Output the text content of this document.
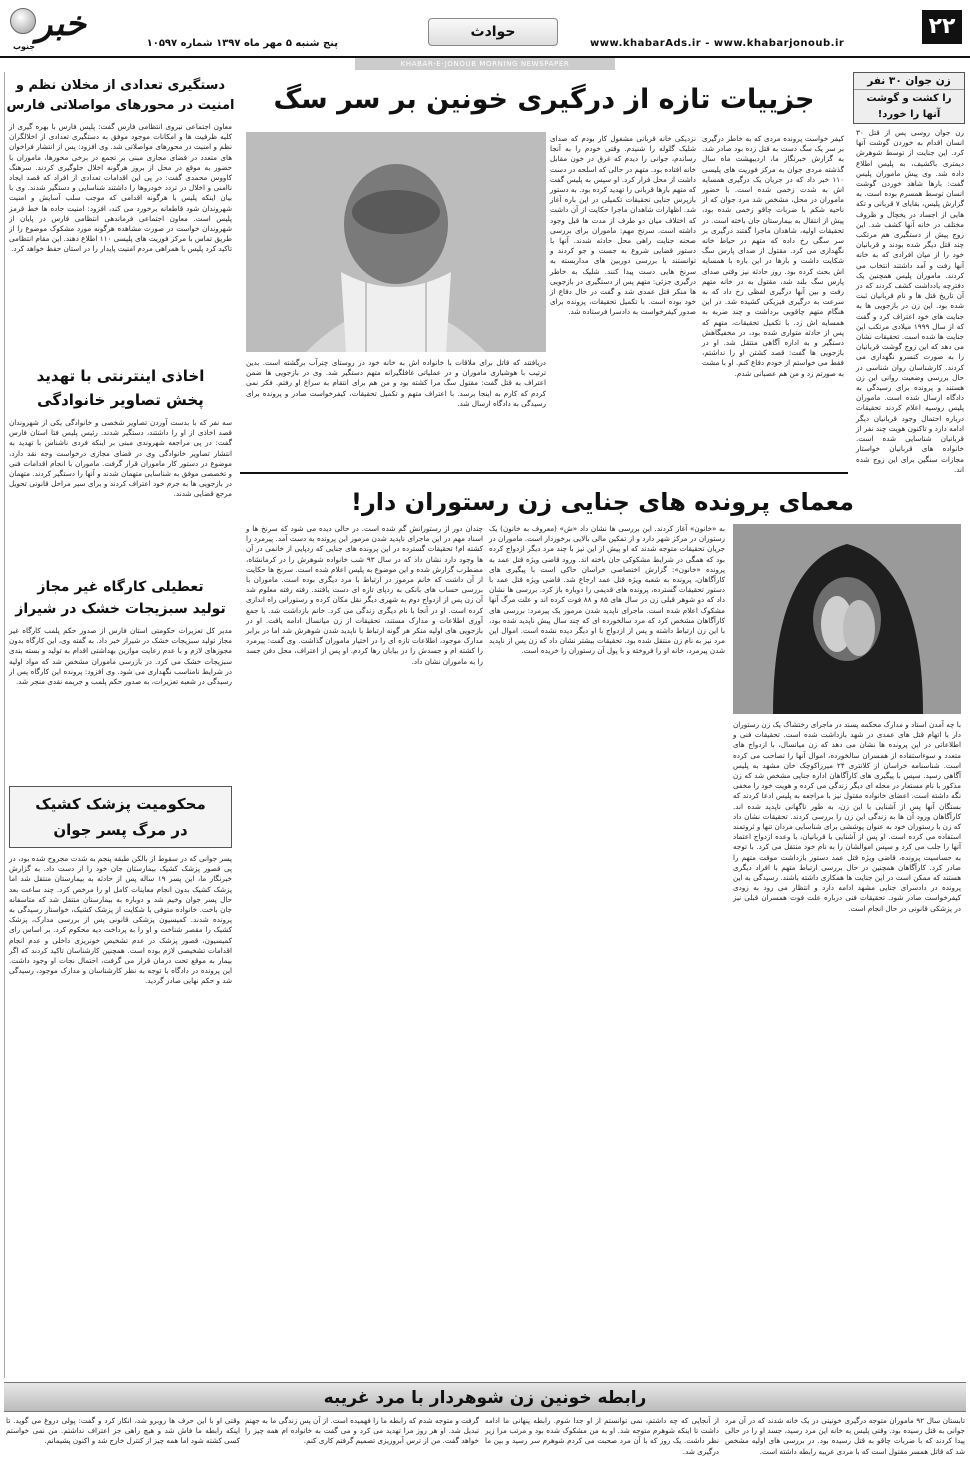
۲۲
www.khabarAds.ir - www.khabarjonoub.ir
حوادث
پنج شنبه ۵ مهر ماه ۱۳۹۷ شماره ۱۰۵۹۷
خبر
جنوب
KHABAR-E-JONOUB MORNING NEWSPAPER
زن جوان ۳۰ نفر
را کشت و گوشت
آنها را خورد!
زن جوان روسی پس از قتل ۳۰ انسان اقدام به خوردن گوشت آنها کرد. این جنایت از توسط شوهرش دیمتری باکشیف، به پلیس اطلاع داده شد. وی پیش ماموران پلیس گفت: بارها شاهد خوردن گوشت انسان توسط همسرم بوده است. به گزارش پلیس، بقایای ۷ قربانی و تکه هایی از اجساد در یخچال و ظروف مختلف در خانه آنها کشف شد. این زوج پیش از دستگیری هم مرتکب چند قتل دیگر شده بودند و قربانیان خود را از میان افرادی که به خانه آنها رفت و آمد داشتند انتخاب می کردند. ماموران پلیس همچنین یک دفترچه یادداشت کشف کردند که در آن تاریخ قتل ها و نام قربانیان ثبت شده بود. این زن در بازجویی ها به جنایت های خود اعتراف کرد و گفت که از سال ۱۹۹۹ میلادی مرتکب این جنایت ها شده است. تحقیقات نشان می دهد که این زوج گوشت قربانیان را به صورت کنسرو نگهداری می کردند. کارشناسان روان شناسی در حال بررسی وضعیت روانی این زن هستند و پرونده برای رسیدگی به دادگاه ارسال شده است. ماموران پلیس روسیه اعلام کردند تحقیقات درباره احتمال وجود قربانیان دیگر ادامه دارد و تاکنون هویت چند نفر از قربانیان شناسایی شده است. خانواده های قربانیان خواستار مجازات سنگین برای این زوج شده اند.
جزییات تازه از درگیری خونین بر سر سگ
کیفر خواست پرونده مردی که به خاطر درگیری بر سر یک سگ دست به قتل زده بود صادر شد. به گزارش خبرنگار ما، اردیبهشت ماه سال گذشته مردی جوان به مرکز فوریت های پلیسی ۱۱۰ خبر داد که در جریان یک درگیری همسایه اش به شدت زخمی شده است. با حضور ماموران در محل، مشخص شد مرد جوان که از ناحیه شکم با ضربات چاقو زخمی شده بود، پیش از انتقال به بیمارستان جان باخته است. در تحقیقات اولیه، شاهدان ماجرا گفتند درگیری بر سر سگی رخ داده که متهم در حیاط خانه نگهداری می کرد. مقتول از صدای پارس سگ شکایت داشت و بارها در این باره با همسایه اش بحث کرده بود. روز حادثه نیز وقتی صدای پارس سگ بلند شد، مقتول به در خانه متهم رفت و بین آنها درگیری لفظی رخ داد که به سرعت به درگیری فیزیکی کشیده شد. در این هنگام متهم چاقویی برداشت و چند ضربه به همسایه اش زد. با تکمیل تحقیقات، متهم که پس از حادثه متواری شده بود، در مخفیگاهش دستگیر و به اداره آگاهی منتقل شد. او در بازجویی ها گفت: قصد کشتن او را نداشتم، فقط می خواستم از خودم دفاع کنم. او با مشت به صورتم زد و من هم عصبانی شدم.
نزدیکی خانه قربانی مشغول کار بودم که صدای شلیک گلوله را شنیدم. وقتی خودم را به آنجا رساندم، جوانی را دیدم که غرق در خون مقابل خانه افتاده بود. متهم در حالی که اسلحه در دست داشت از محل فرار کرد. او سپس به پلیس گفت که متهم بارها قربانی را تهدید کرده بود. به دستور بازپرس جنایی تحقیقات تکمیلی در این باره آغاز شد. اظهارات شاهدان ماجرا حکایت از آن داشت که اختلاف میان دو طرف از مدت ها قبل وجود داشته است. سرنخ مهم: ماموران برای بررسی صحنه جنایت راهی محل حادثه شدند. آنها با دستور قضایی شروع به جست و جو کردند و توانستند با بررسی دوربین های مداربسته به سرنخ هایی دست پیدا کنند. شلیک به خاطر درگیری جزئی: متهم پس از دستگیری در بازجویی ها منکر قتل عمدی شد و گفت در حال دفاع از خود بوده است. با تکمیل تحقیقات، پرونده برای صدور کیفرخواست به دادسرا فرستاده شد.
دریافتند که قاتل برای ملاقات با خانواده اش به خانه خود در روستای چترآب برگشته است. بدین ترتیب با هوشیاری ماموران و در عملیاتی غافلگیرانه متهم دستگیر شد. وی در بازجویی ها ضمن اعتراف به قتل گفت: مقتول سگ مرا کشته بود و من هم برای انتقام به سراغ او رفتم. فکر نمی کردم که کارم به اینجا برسد. با اعتراف متهم و تکمیل تحقیقات، کیفرخواست صادر و پرونده برای رسیدگی به دادگاه ارسال شد.
معمای پرونده های جنایی زن رستوران دار!
با چه آمدن استاد و مدارک محکمه پسند در ماجرای رختشاک یک زن رستوران دار با اتهام قتل های عمدی در شهد بازداشت شده است. تحقیقات فنی و اطلاعاتی در این پرونده ها نشان می دهد که زن میانسال، با ازدواج های متعدد و سوءاستفاده از همسران سالخورده، اموال آنها را تصاحب می کرده است. شناسنامه خراسان از کلانتری ۲۴ میرزاکوچک خان مشهد به پلیس آگاهی رسید. سپس با پیگیری های کارآگاهان اداره جنایی مشخص شد که زن مذکور با نام مستعار در محله ای دیگر زندگی می کرده و هویت خود را مخفی نگه داشته است. اعضای خانواده مقتول نیز با مراجعه به پلیس ادعا کردند که بستگان آنها پس از آشنایی با این زن، به طور ناگهانی ناپدید شده اند. کارآگاهان ورود آن ها به زندگی این زن را بررسی کردند. تحقیقات نشان داد که زن با رستوران خود به عنوان پوششی برای شناسایی مردان تنها و ثروتمند استفاده می کرده است. او پس از آشنایی با قربانیان، با وعده ازدواج اعتماد آنها را جلب می کرد و سپس اموالشان را به نام خود منتقل می کرد. با توجه به حساسیت پرونده، قاضی ویژه قتل عمد دستور بازداشت موقت متهم را صادر کرد. کارآگاهان همچنین در حال بررسی ارتباط متهم با افراد دیگری هستند که ممکن است در این جنایت ها همکاری داشته باشند. رسیدگی به این پرونده در دادسرای جنایی مشهد ادامه دارد و انتظار می رود به زودی کیفرخواست صادر شود. تحقیقات فنی درباره علت فوت همسران قبلی نیز در پزشکی قانونی در حال انجام است.
به «خانون» آغاز کردند. این بررسی ها نشان داد «ش» (معروف به خانون) یک رستوران در مرکز شهر دارد و از تمکین مالی بالایی برخوردار است. ماموران در جریان تحقیقات متوجه شدند که او پیش از این نیز با چند مرد دیگر ازدواج کرده بود که همگی در شرایط مشکوکی جان باخته اند. ورود قاضی ویژه قتل عمد به پرونده «خانون»: گزارش اختصاصی خراسان حاکی است با پیگیری های کارآگاهان، پرونده به شعبه ویژه قتل عمد ارجاع شد. قاضی ویژه قتل عمد با دستور تحقیقات گسترده، پرونده های قدیمی را دوباره باز کرد. بررسی ها نشان داد که دو شوهر قبلی زن در سال های ۸۵ و ۸۸ فوت کرده اند و علت مرگ آنها مشکوک اعلام شده است. ماجرای ناپدید شدن مرموز یک پیرمرد: بررسی های کارآگاهان مشخص کرد که مرد سالخورده ای که چند سال پیش ناپدید شده بود، با این زن ارتباط داشته و پس از ازدواج با او دیگر دیده نشده است. اموال این مرد نیز به نام زن منتقل شده بود. تحقیقات بیشتر نشان داد که زن پس از ناپدید شدن پیرمرد، خانه او را فروخته و با پول آن رستوران را خریده است.
چندان دور از رستورانش گم شده است. در حالی دیده می شود که سرنخ ها و اسناد مهم در این ماجرای ناپدید شدن مرموز این پرونده به دست آمد. پیرمرد را کشته ام! تحقیقات گسترده در این پرونده های جنایی که ردپایی از خانمی در آن ها وجود دارد نشان داد که در سال ۹۳ شب خانواده شوهرش را در کرمانشاه، مضطرب گزارش شده و این موضوع به پلیس اعلام شده است. سرنخ ها حکایت از آن داشت که خانم مرموز در ارتباط با مرد دیگری بوده است. ماموران با بررسی حساب های بانکی به ردپای تازه ای دست یافتند. رفته رفته معلوم شد آن زن پس از ازدواج دوم به شهری دیگر نقل مکان کرده و رستورانی راه اندازی کرده است. او در آنجا با نام دیگری زندگی می کرد. خانم بازداشت شد. با جمع آوری اطلاعات و مدارک مستند، تحقیقات از زن میانسال ادامه یافت. او در بازجویی های اولیه منکر هر گونه ارتباط با ناپدید شدن شوهرش شد اما در برابر مدارک موجود، اطلاعات تازه ای را در اختیار ماموران گذاشت. وی گفت: پیرمرد را کشته ام و جسدش را در بیابان رها کردم. او پس از اعتراف، محل دفن جسد را به ماموران نشان داد.
دستگیری تعدادی از مخلان نظم و
امنیت در محورهای مواصلاتی فارس
معاون اجتماعی نیروی انتظامی فارس گفت: پلیس فارس با بهره گیری از کلیه ظرفیت ها و امکانات موجود موفق به دستگیری تعدادی از اخلالگران نظم و امنیت در محورهای مواصلاتی شد. وی افزود: پس از انتشار فراخوان های متعدد در فضای مجازی مبنی بر تجمع در برخی محورها، ماموران با حضور به موقع در محل از بروز هرگونه اخلال جلوگیری کردند. سرهنگ کاووس محمدی گفت: در پی این اقدامات تعدادی از افراد که قصد ایجاد ناامنی و اخلال در تردد خودروها را داشتند شناسایی و دستگیر شدند. وی با بیان اینکه پلیس با هرگونه اقدامی که موجب سلب آسایش و امنیت شهروندان شود قاطعانه برخورد می کند، افزود: امنیت جاده ها خط قرمز پلیس است. معاون اجتماعی فرماندهی انتظامی فارس در پایان از شهروندان خواست در صورت مشاهده هرگونه مورد مشکوک موضوع را از طریق تماس با مرکز فوریت های پلیسی ۱۱۰ اطلاع دهند. این مقام انتظامی تاکید کرد پلیس با همراهی مردم امنیت پایدار را در استان حفظ خواهد کرد.
اخاذی اینترنتی با تهدید
پخش تصاویر خانوادگی
سه نفر که با بدست آوردن تصاویر شخصی و خانوادگی یکی از شهروندان قصد اخاذی از او را داشتند، دستگیر شدند. رئیس پلیس فتا استان فارس گفت: در پی مراجعه شهروندی مبنی بر اینکه فردی ناشناس با تهدید به انتشار تصاویر خانوادگی وی در فضای مجازی درخواست وجه نقد دارد، موضوع در دستور کار ماموران قرار گرفت. ماموران با انجام اقدامات فنی و تخصصی موفق به شناسایی متهمان شدند و آنها را دستگیر کردند. متهمان در بازجویی ها به جرم خود اعتراف کردند و برای سیر مراحل قانونی تحویل مرجع قضایی شدند.
تعطیلی کارگاه غیر مجاز
تولید سبزیجات خشک در شیراز
مدیر کل تعزیرات حکومتی استان فارس از صدور حکم پلمب کارگاه غیر مجاز تولید سبزیجات خشک در شیراز خبر داد. به گفته وی، این کارگاه بدون مجوزهای لازم و با عدم رعایت موازین بهداشتی اقدام به تولید و بسته بندی سبزیجات خشک می کرد. در بازرسی ماموران مشخص شد که مواد اولیه در شرایط نامناسب نگهداری می شود. وی افزود: پرونده این کارگاه پس از رسیدگی در شعبه تعزیرات، به صدور حکم پلمب و جریمه نقدی منجر شد.
محکومیت پزشک کشیک
در مرگ پسر جوان
پسر جوانی که در سقوط از بالکن طبقه پنجم به شدت مجروح شده بود، در پی قصور پزشک کشیک بیمارستان جان خود را از دست داد. به گزارش خبرنگار ما، این پسر ۱۹ ساله پس از حادثه به بیمارستان منتقل شد اما پزشک کشیک بدون انجام معاینات کامل او را مرخص کرد. چند ساعت بعد حال پسر جوان وخیم شد و دوباره به بیمارستان منتقل شد که متاسفانه جان باخت. خانواده متوفی با شکایت از پزشک کشیک، خواستار رسیدگی به پرونده شدند. کمیسیون پزشکی قانونی پس از بررسی مدارک، پزشک کشیک را مقصر شناخت و او را به پرداخت دیه محکوم کرد. بر اساس رای کمیسیون، قصور پزشک در عدم تشخیص خونریزی داخلی و عدم انجام اقدامات تشخیصی لازم بوده است. همچنین کارشناسان تاکید کردند که اگر بیمار به موقع تحت درمان قرار می گرفت، احتمال نجات او وجود داشت. این پرونده در دادگاه با توجه به نظر کارشناسان و مدارک موجود، رسیدگی شد و حکم نهایی صادر گردید.
رابطه خونین زن شوهردار با مرد غریبه
تابستان سال ۹۲ ماموران متوجه درگیری خونینی در یک خانه شدند که در آن مرد جوانی به قتل رسیده بود. وقتی پلیس به خانه این مرد رسید، جسد او را در حالی پیدا کردند که با ضربات چاقو به قتل رسیده بود. در بررسی های اولیه مشخص شد که قاتل همسر مقتول است که با مردی غریبه رابطه داشته است.
از آنجایی که چه داشتم، نمی توانستم از او جدا شوم. رابطه پنهانی ما ادامه داشت تا اینکه شوهرم متوجه شد. او به من مشکوک شده بود و مرتب مرا زیر نظر داشت. یک روز که با آن مرد صحبت می کردم شوهرم سر رسید و بین ما درگیری شد.
گرفت و متوجه شدم که رابطه ما را فهمیده است. از آن پس زندگی ما به جهنم تبدیل شد. او هر روز مرا تهدید می کرد و می گفت به خانواده ام همه چیز را خواهد گفت. من از ترس آبروریزی تصمیم گرفتم کاری کنم.
وقتی او با این حرف ها روبرو شد، انکار کرد و گفت: پولی دروغ می گوید. تا اینکه رابطه ما فاش شد و هیچ راهی جز اعتراف نداشتم. من نمی خواستم کسی کشته شود اما همه چیز از کنترل خارج شد و اکنون پشیمانم.
